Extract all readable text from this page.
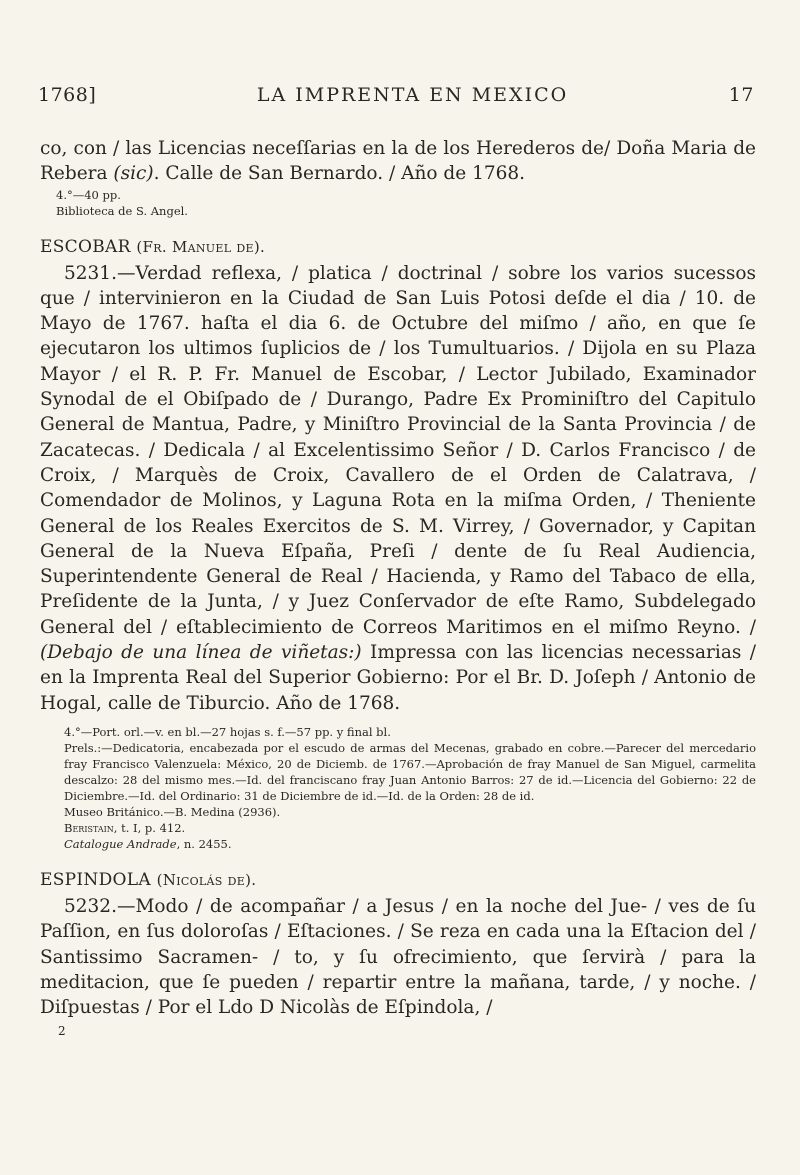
1768]	LA IMPRENTA EN MEXICO	17

co, con / las Licencias neceſſarias en la de los Herederos de/ Doña Maria de Rebera (sic). Calle de San Bernardo. / Año de 1768.

4.°—40 pp.

Biblioteca de S. Angel.

ESCOBAR (Fr. Manuel de).

5231.—Verdad reflexa, / platica / doctrinal / sobre los varios sucessos que / intervinieron en la Ciudad de San Luis Potosi deſde el dia / 10. de Mayo de 1767. haſta el dia 6. de Octubre del miſmo / año, en que ſe ejecutaron los ultimos ſuplicios de / los Tumultuarios. / Dijola en su Plaza Mayor / el R. P. Fr. Manuel de Escobar, / Lector Jubilado, Examinador Synodal de el Obiſpado de / Durango, Padre Ex Prominiſtro del Capitulo General de Mantua, Padre, y Miniſtro Provincial de la Santa Provincia / de Zacatecas. / Dedicala / al Excelentissimo Señor / D. Carlos Francisco / de Croix, / Marquès de Croix, Cavallero de el Orden de Calatrava, / Comendador de Molinos, y Laguna Rota en la miſma Orden, / Theniente General de los Reales Exercitos de S. M. Virrey, / Governador, y Capitan General de la Nueva Eſpaña, Preſi / dente de ſu Real Audiencia, Superintendente General de Real / Hacienda, y Ramo del Tabaco de ella, Preſidente de la Junta, / y Juez Conſervador de eſte Ramo, Subdelegado General del / eſtablecimiento de Correos Maritimos en el miſmo Reyno. / (Debajo de una línea de viñetas:) Impressa con las licencias necessarias / en la Imprenta Real del Superior Gobierno: Por el Br. D. Joſeph / Antonio de Hogal, calle de Tiburcio. Año de 1768.

4.°—Port. orl.—v. en bl.—27 hojas s. f.—57 pp. y final bl.

Prels.:—Dedicatoria, encabezada por el escudo de armas del Mecenas, grabado en cobre.—Parecer del mercedario fray Francisco Valenzuela: México, 20 de Diciemb. de 1767.—Aprobación de fray Manuel de San Miguel, carmelita descalzo: 28 del mismo mes.—Id. del franciscano fray Juan Antonio Barros: 27 de id.—Licencia del Gobierno: 22 de Diciembre.—Id. del Ordinario: 31 de Diciembre de id.—Id. de la Orden: 28 de id.

Museo Británico.—B. Medina (2936).

Beristain, t. I, p. 412.

Catalogue Andrade, n. 2455.

ESPINDOLA (Nicolás de).

5232.—Modo / de acompañar / a Jesus / en la noche del Jue- / ves de ſu Paſſion, en ſus doloroſas / Eſtaciones. / Se reza en cada una la Eſtacion del / Santissimo Sacramen- / to, y ſu ofrecimiento, que ſervirà / para la meditacion, que ſe pueden / repartir entre la mañana, tarde, / y noche. / Diſpuestas / Por el Ldo D Nicolàs de Eſpindola, /

2
